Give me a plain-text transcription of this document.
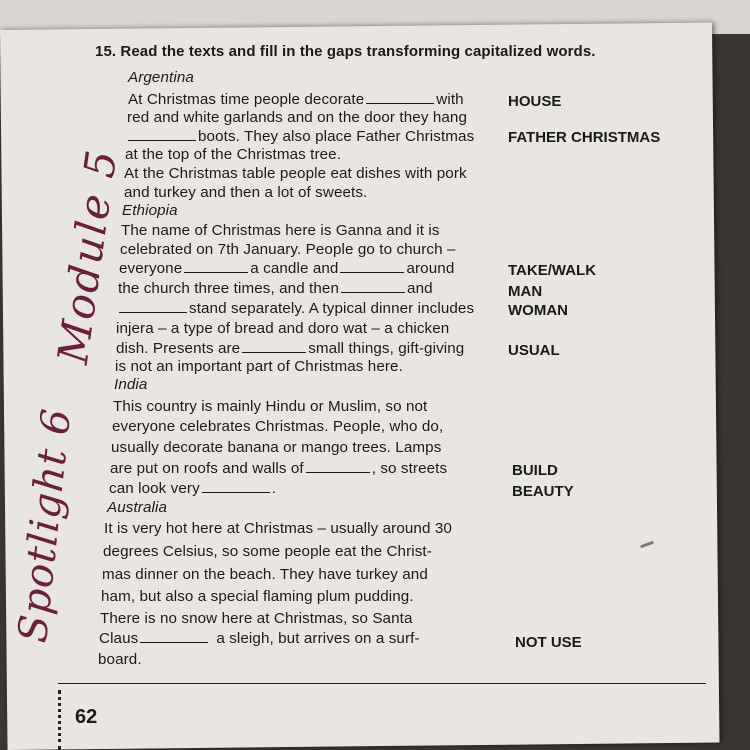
15. Read the texts and fill in the gaps transforming capitalized words.
Argentina
At Christmas time people decorate	with	HOUSE
red and white garlands and on the door they hang
boots. They also place Father Christmas FATHER CHRISTMAS
at the top of the Christmas tree.
At the Christmas table people eat dishes with pork
and turkey and then a lot of sweets.
Ethiopia
The name of Christmas here is Ganna and it is
celebrated on 7th January. People go to church –
everyone	a candle and	around	TAKE/WALK
the church three times, and then	and	MAN
stand separately. A typical dinner includes WOMAN
injera – a type of bread and doro wat – a chicken
dish. Presents are	small things, gift-giving	USUAL
is not an important part of Christmas here.
India
This country is mainly Hindu or Muslim, so not
everyone celebrates Christmas. People, who do,
usually decorate banana or mango trees. Lamps
are put on roofs and walls of	, so streets	BUILD
can look very	.	BEAUTY
Australia
It is very hot here at Christmas – usually around 30
degrees Celsius, so some people eat the Christ-
mas dinner on the beach. They have turkey and
ham, but also a special flaming plum pudding.
There is no snow here at Christmas, so Santa
Claus	a sleigh, but arrives on a surf-	NOT USE
board.
62
Module 5
Spotlight 6
